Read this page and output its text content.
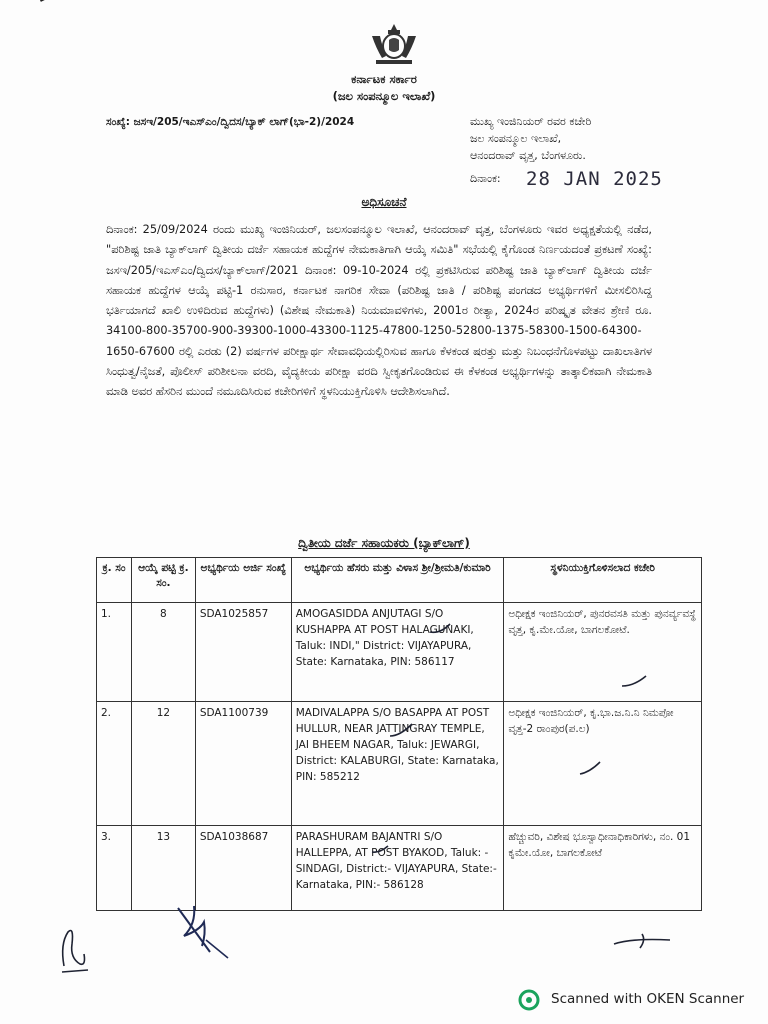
ಕರ್ನಾಟಕ ಸರ್ಕಾರ
(ಜಲ ಸಂಪನ್ಮೂಲ ಇಲಾಖೆ)
ಸಂಖ್ಯೆ: ಜಸಇ/205/ಇಎಸ್ಎಂ/ದ್ವಿದಸ/ಬ್ಯಾಕ್ ಲಾಗ್(ಭಾ-2)/2024	ಮುಖ್ಯ ಇಂಜಿನಿಯರ್ ರವರ ಕಚೇರಿ
ಜಲ ಸಂಪನ್ಮೂಲ ಇಲಾಖೆ,
ಆನಂದರಾವ್ ವೃತ್ತ, ಬೆಂಗಳೂರು.
ದಿನಾಂಕ: 28 JAN 2025
ಅಧಿಸೂಚನೆ
ದಿನಾಂಕ: 25/09/2024 ರಂದು ಮುಖ್ಯ ಇಂಜಿನಿಯರ್, ಜಲಸಂಪನ್ಮೂಲ ಇಲಾಖೆ, ಆನಂದರಾವ್ ವೃತ್ತ, ಬೆಂಗಳೂರು ಇವರ ಅಧ್ಯಕ್ಷತೆಯಲ್ಲಿ ನಡೆದ, "ಪರಿಶಿಷ್ಟ ಜಾತಿ ಬ್ಯಾಕ್‌ಲಾಗ್ ದ್ವಿತೀಯ ದರ್ಜೆ ಸಹಾಯಕ ಹುದ್ದೆಗಳ ನೇಮಕಾತಿಗಾಗಿ ಆಯ್ಕೆ ಸಮಿತಿ" ಸಭೆಯಲ್ಲಿ ಕೈಗೊಂಡ ನಿರ್ಣಯದಂತೆ ಪ್ರಕಟಣೆ ಸಂಖ್ಯೆ: ಜಸಇ/205/ಇಎಸ್ಎಂ/ದ್ವಿದಸ/ಬ್ಯಾಕ್‌ಲಾಗ್/2021 ದಿನಾಂಕ: 09-10-2024 ರಲ್ಲಿ ಪ್ರಕಟಿಸಿರುವ ಪರಿಶಿಷ್ಟ ಜಾತಿ ಬ್ಯಾಕ್‌ಲಾಗ್ ದ್ವಿತೀಯ ದರ್ಜೆ ಸಹಾಯಕ ಹುದ್ದೆಗಳ ಆಯ್ಕೆ ಪಟ್ಟಿ-1 ರನುಸಾರ, ಕರ್ನಾಟಕ ನಾಗರಿಕ ಸೇವಾ (ಪರಿಶಿಷ್ಟ ಜಾತಿ / ಪರಿಶಿಷ್ಟ ಪಂಗಡದ ಅಭ್ಯರ್ಥಿಗಳಿಗೆ ಮೀಸಲಿರಿಸಿದ್ದ ಭರ್ತಿಯಾಗದೆ ಖಾಲಿ ಉಳಿದಿರುವ ಹುದ್ದೆಗಳು) (ವಿಶೇಷ ನೇಮಕಾತಿ) ನಿಯಮಾವಳಿಗಳು, 2001ರ ರೀತ್ಯಾ, 2024ರ ಪರಿಷ್ಕೃತ ವೇತನ ಶ್ರೇಣಿ ರೂ. 34100-800-35700-900-39300-1000-43300-1125-47800-1250-52800-1375-58300-1500-64300-1650-67600 ರಲ್ಲಿ ಎರಡು (2) ವರ್ಷಗಳ ಪರೀಕ್ಷಾರ್ಥ ಸೇವಾವಧಿಯಲ್ಲಿರಿಸುವ ಹಾಗೂ ಕೆಳಕಂಡ ಷರತ್ತು ಮತ್ತು ನಿಬಂಧನೆಗೊಳಪಟ್ಟು ದಾಖಲಾತಿಗಳ ಸಿಂಧುತ್ವ/ನೈಜತೆ, ಪೊಲೀಸ್ ಪರಿಶೀಲನಾ ವರದಿ, ವೈದ್ಯಕೀಯ ಪರೀಕ್ಷಾ ವರದಿ ಸ್ವೀಕೃತಗೊಂಡಿರುವ ಈ ಕೆಳಕಂಡ ಅಭ್ಯರ್ಥಿಗಳನ್ನು ತಾತ್ಕಾಲಿಕವಾಗಿ ನೇಮಕಾತಿ ಮಾಡಿ ಅವರ ಹೆಸರಿನ ಮುಂದೆ ನಮೂದಿಸಿರುವ ಕಚೇರಿಗಳಿಗೆ ಸ್ಥಳನಿಯುಕ್ತಿಗೊಳಿಸಿ ಆದೇಶಿಸಲಾಗಿದೆ.
ದ್ವಿತೀಯ ದರ್ಜೆ ಸಹಾಯಕರು (ಬ್ಯಾಕ್‌ಲಾಗ್)
ಕ್ರ. ಸಂ	ಆಯ್ಕೆ ಪಟ್ಟಿ ಕ್ರ. ಸಂ.	ಅಭ್ಯರ್ಥಿಯ ಅರ್ಜಿ ಸಂಖ್ಯೆ	ಅಭ್ಯರ್ಥಿಯ ಹೆಸರು ಮತ್ತು ವಿಳಾಸ ಶ್ರೀ/ಶ್ರೀಮತಿ/ಕುಮಾರಿ	ಸ್ಥಳನಿಯುಕ್ತಿಗೊಳಿಸಲಾದ ಕಚೇರಿ
1.	8	SDA1025857	AMOGASIDDA ANJUTAGI S/O KUSHAPPA AT POST HALAGUNAKI, Taluk: INDI," District: VIJAYAPURA, State: Karnataka, PIN: 586117	ಅಧೀಕ್ಷಕ ಇಂಜಿನಿಯರ್, ಪುನರವಸತಿ ಮತ್ತು ಪುನರ್ವ್ಯವಸ್ಥೆ ವೃತ್ತ, ಕೃ.ಮೇ.ಯೋ, ಬಾಗಲಕೋಟೆ.
2.	12	SDA1100739	MADIVALAPPA S/O BASAPPA AT POST HULLUR, NEAR JATTINGRAY TEMPLE, JAI BHEEM NAGAR, Taluk: JEWARGI, District: KALABURGI, State: Karnataka, PIN: 585212	ಅಧೀಕ್ಷಕ ಇಂಜಿನಿಯರ್, ಕೃ.ಭಾ.ಜ.ನಿ.ನಿ ನಿಮಪೋ ವೃತ್ತ-2 ರಾಂಪುರ(ಪ.ಲ)
3.	13	SDA1038687	PARASHURAM BAJANTRI S/O HALLEPPA, AT POST BYAKOD, Taluk: - SINDAGI, District:- VIJAYAPURA, State:- Karnataka, PIN:- 586128	ಹೆಚ್ಚುವರಿ, ವಿಶೇಷ ಭೂಸ್ವಾಧೀನಾಧಿಕಾರಿಗಳು, ನಂ. 01 ಕೃಮೇ.ಯೋ, ಬಾಗಲಕೋಟೆ
Scanned with OKEN Scanner
